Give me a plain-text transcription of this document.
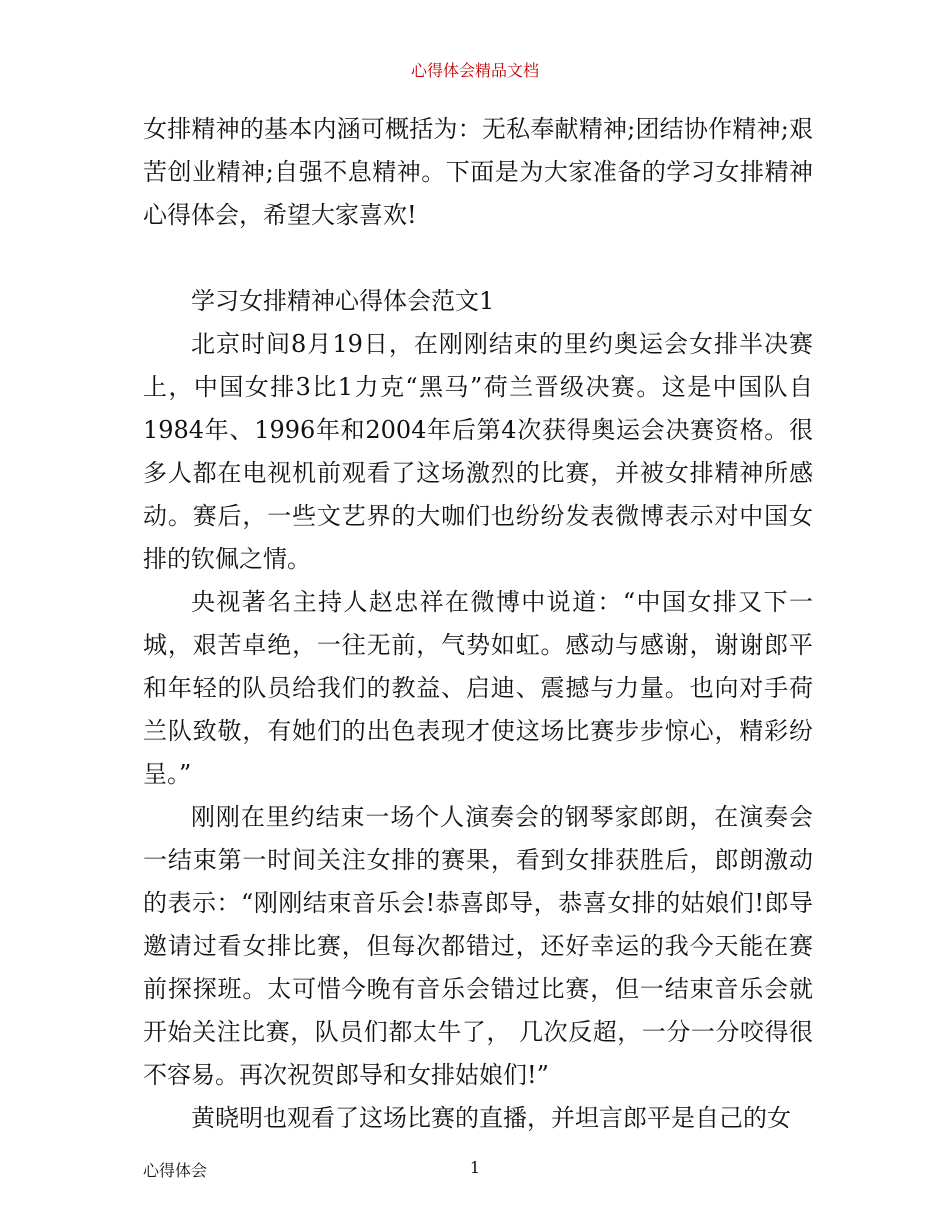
心得体会精品文档

女排精神的基本内涵可概括为：无私奉献精神;团结协作精神;艰苦创业精神;自强不息精神。下面是为大家准备的学习女排精神心得体会，希望大家喜欢!

学习女排精神心得体会范文1

北京时间8月19日，在刚刚结束的里约奥运会女排半决赛上，中国女排3比1力克“黑马”荷兰晋级决赛。这是中国队自1984年、1996年和2004年后第4次获得奥运会决赛资格。很多人都在电视机前观看了这场激烈的比赛，并被女排精神所感动。赛后，一些文艺界的大咖们也纷纷发表微博表示对中国女排的钦佩之情。

央视著名主持人赵忠祥在微博中说道：“中国女排又下一城，艰苦卓绝，一往无前，气势如虹。感动与感谢，谢谢郎平和年轻的队员给我们的教益、启迪、震撼与力量。也向对手荷兰队致敬，有她们的出色表现才使这场比赛步步惊心，精彩纷呈。”

刚刚在里约结束一场个人演奏会的钢琴家郎朗，在演奏会一结束第一时间关注女排的赛果，看到女排获胜后，郎朗激动的表示：“刚刚结束音乐会!恭喜郎导，恭喜女排的姑娘们!郎导邀请过看女排比赛，但每次都错过，还好幸运的我今天能在赛前探探班。太可惜今晚有音乐会错过比赛，但一结束音乐会就开始关注比赛，队员们都太牛了， 几次反超，一分一分咬得很不容易。再次祝贺郎导和女排姑娘们!”

黄晓明也观看了这场比赛的直播，并坦言郎平是自己的女

心得体会	1
